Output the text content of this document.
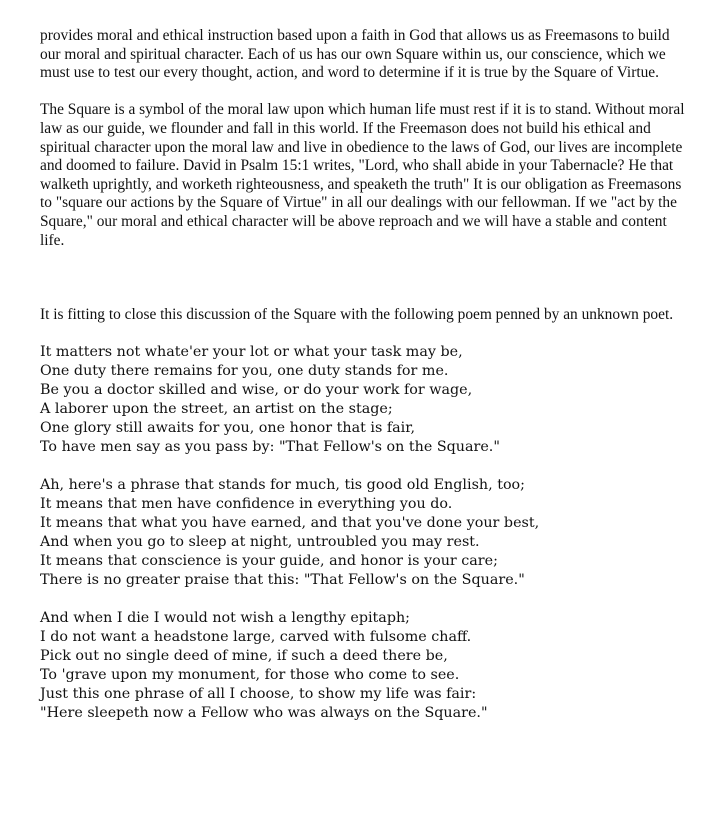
provides moral and ethical instruction based upon a faith in God that allows us as Freemasons to build our moral and spiritual character. Each of us has our own Square within us, our conscience, which we must use to test our every thought, action, and word to determine if it is true by the Square of Virtue.

The Square is a symbol of the moral law upon which human life must rest if it is to stand. Without moral law as our guide, we flounder and fall in this world. If the Freemason does not build his ethical and spiritual character upon the moral law and live in obedience to the laws of God, our lives are incomplete and doomed to failure. David in Psalm 15:1 writes, "Lord, who shall abide in your Tabernacle? He that walketh uprightly, and worketh righteousness, and speaketh the truth" It is our obligation as Freemasons to "square our actions by the Square of Virtue" in all our dealings with our fellowman. If we "act by the Square," our moral and ethical character will be above reproach and we will have a stable and content life.

It is fitting to close this discussion of the Square with the following poem penned by an unknown poet.

It matters not whate'er your lot or what your task may be,
One duty there remains for you, one duty stands for me.
Be you a doctor skilled and wise, or do your work for wage,
A laborer upon the street, an artist on the stage;
One glory still awaits for you, one honor that is fair,
To have men say as you pass by: "That Fellow's on the Square."
Ah, here's a phrase that stands for much, tis good old English, too;
It means that men have confidence in everything you do.
It means that what you have earned, and that you've done your best,
And when you go to sleep at night, untroubled you may rest.
It means that conscience is your guide, and honor is your care;
There is no greater praise that this: "That Fellow's on the Square."
And when I die I would not wish a lengthy epitaph;
I do not want a headstone large, carved with fulsome chaff.
Pick out no single deed of mine, if such a deed there be,
To 'grave upon my monument, for those who come to see.
Just this one phrase of all I choose, to show my life was fair:
"Here sleepeth now a Fellow who was always on the Square."
